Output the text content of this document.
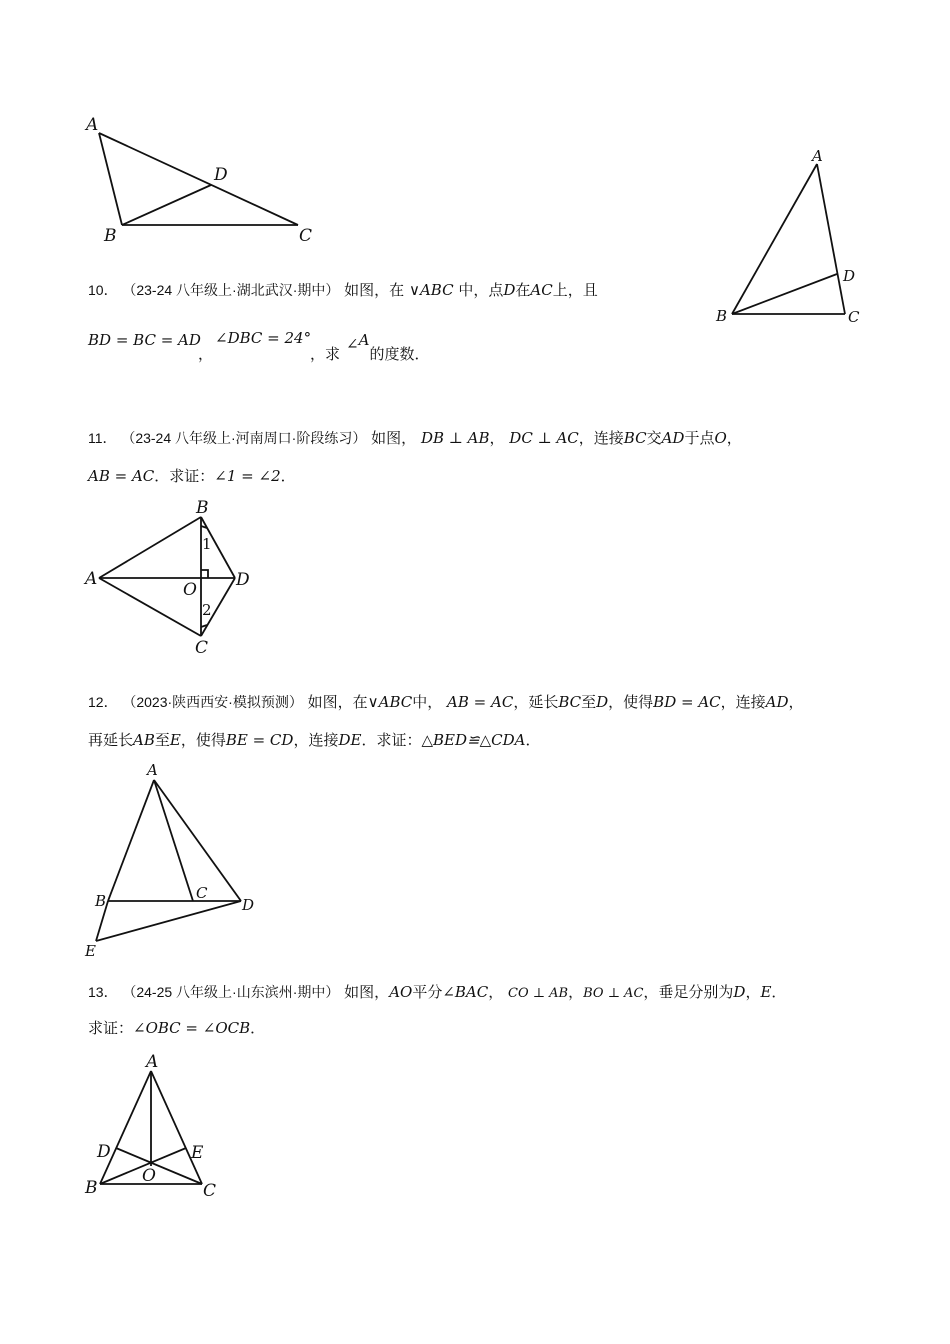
A
D
B	C
A
D
B	C
10． （23-24 八年级上·湖北武汉·期中） 如图，在 ∨ABC 中，点D在AC上，且
BD = BC = AD
，
∠DBC = 24°
，求∠A的度数．
11． （23-24 八年级上·河南周口·阶段练习） 如图， DB ⊥ AB， DC ⊥ AC，连接BC交AD于点O，
AB = AC．求证：∠1 = ∠2．
B
A	D
O
C
1
2
12． （2023·陕西西安·模拟预测） 如图，在∨ABC中， AB = AC，延长BC至D，使得BD = AC，连接AD，
再延长AB至E，使得BE = CD，连接DE．求证：△BED≌△CDA．
A
B	C
D
E
13． （24-25 八年级上·山东滨州·期中） 如图，AO平分∠BAC， CO ⊥ AB，BO ⊥ AC，垂足分别为D，E．
求证：∠OBC = ∠OCB．
A
D	E
O
B	C
